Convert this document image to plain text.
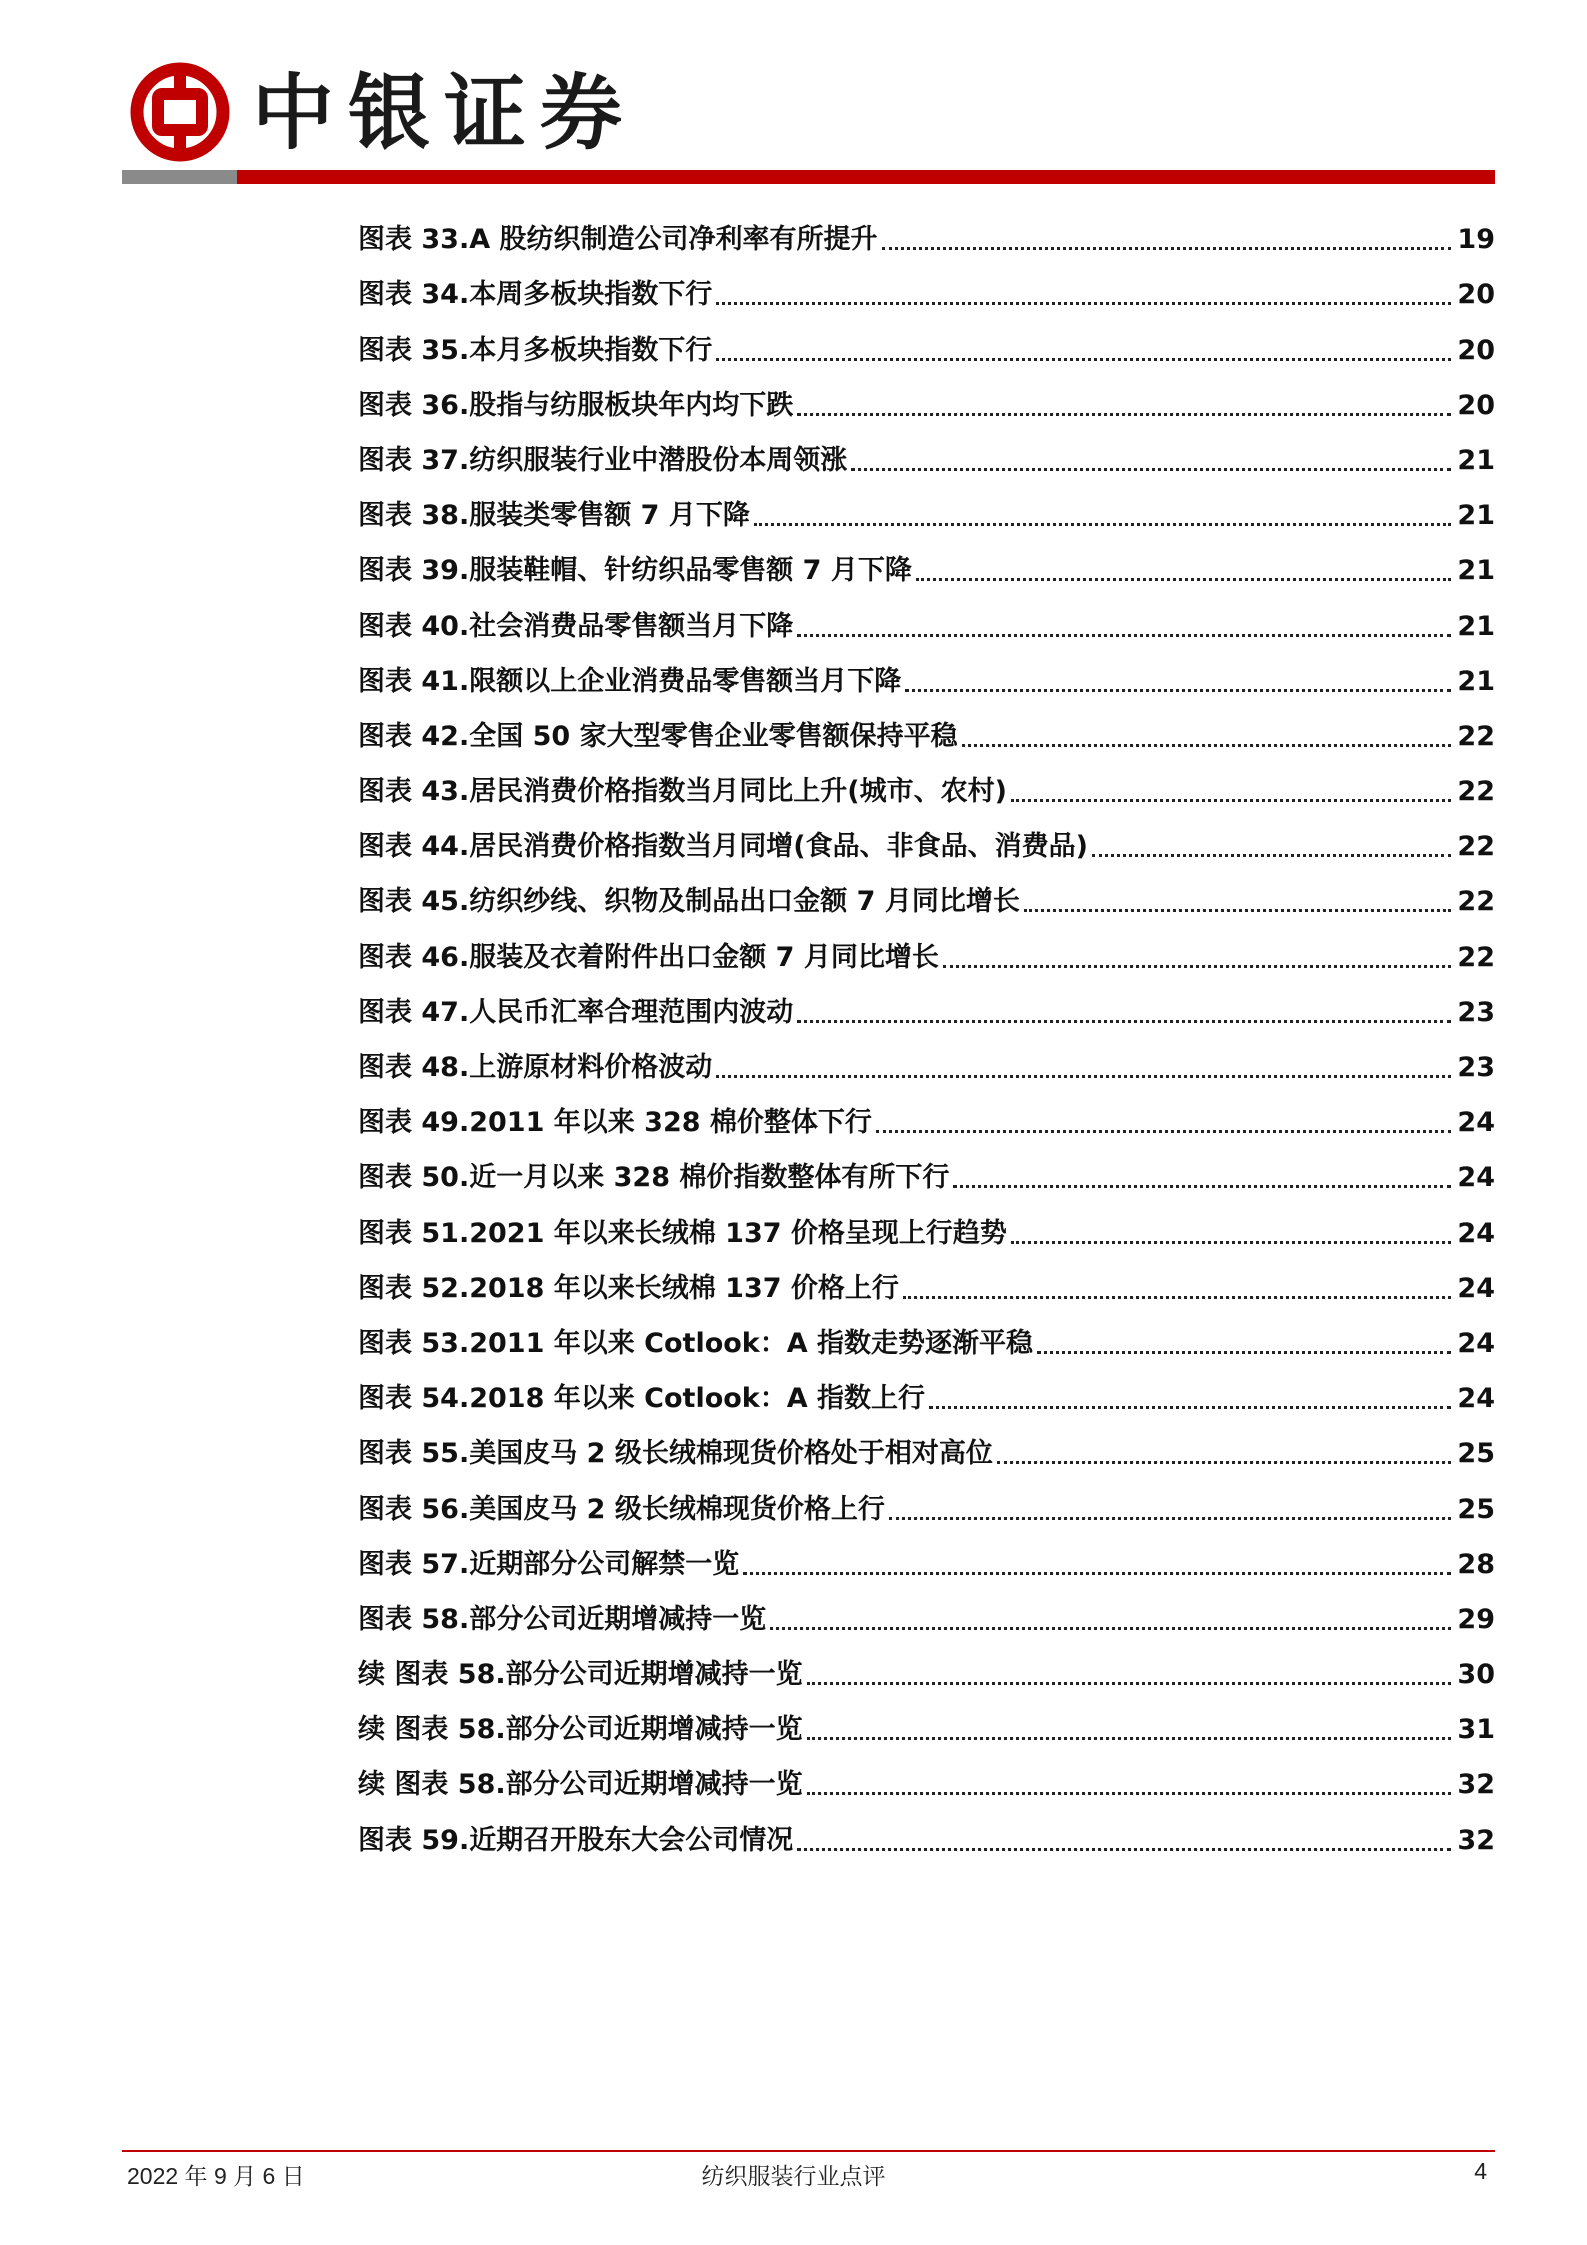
中银证券
图表 33.A 股纺织制造公司净利率有所提升	19
图表 34.本周多板块指数下行	20
图表 35.本月多板块指数下行	20
图表 36.股指与纺服板块年内均下跌	20
图表 37.纺织服装行业中潜股份本周领涨	21
图表 38.服装类零售额 7 月下降	21
图表 39.服装鞋帽、针纺织品零售额 7 月下降	21
图表 40.社会消费品零售额当月下降	21
图表 41.限额以上企业消费品零售额当月下降	21
图表 42.全国 50 家大型零售企业零售额保持平稳	22
图表 43.居民消费价格指数当月同比上升(城市、农村)	22
图表 44.居民消费价格指数当月同增(食品、非食品、消费品)	22
图表 45.纺织纱线、织物及制品出口金额 7 月同比增长	22
图表 46.服装及衣着附件出口金额 7 月同比增长	22
图表 47.人民币汇率合理范围内波动	23
图表 48.上游原材料价格波动	23
图表 49.2011 年以来 328 棉价整体下行	24
图表 50.近一月以来 328 棉价指数整体有所下行	24
图表 51.2021 年以来长绒棉 137 价格呈现上行趋势	24
图表 52.2018 年以来长绒棉 137 价格上行	24
图表 53.2011 年以来 Cotlook：A 指数走势逐渐平稳	24
图表 54.2018 年以来 Cotlook：A 指数上行	24
图表 55.美国皮马 2 级长绒棉现货价格处于相对高位	25
图表 56.美国皮马 2 级长绒棉现货价格上行	25
图表 57.近期部分公司解禁一览	28
图表 58.部分公司近期增减持一览	29
续 图表 58.部分公司近期增减持一览	30
续 图表 58.部分公司近期增减持一览	31
续 图表 58.部分公司近期增减持一览	32
图表 59.近期召开股东大会公司情况	32
2022 年 9 月 6 日	纺织服装行业点评	4
